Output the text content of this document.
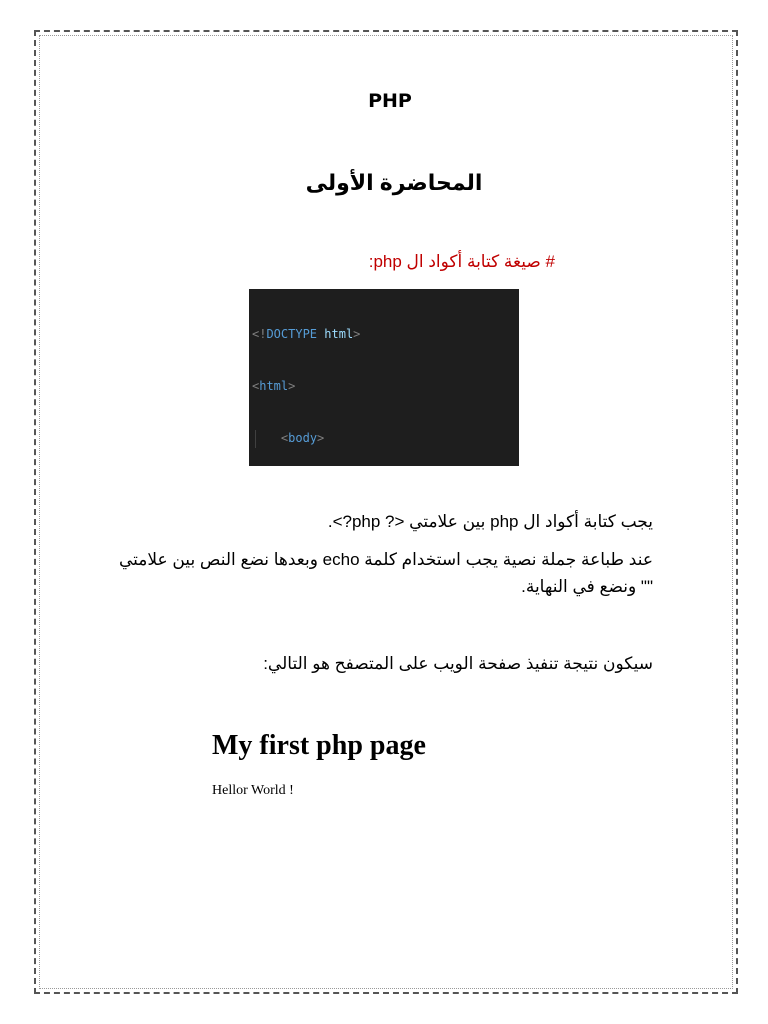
PHP
المحاضرة الأولى
# صيغة كتابة أكواد ال php:

<!DOCTYPE html>

<html>

<body>

يجب كتابة أكواد ال php بين علامتي <? php?>.
عند طباعة جملة نصية يجب استخدام كلمة echo وبعدها نضع النص بين علامتي "" ونضع في النهاية.
سيكون نتيجة تنفيذ صفحة الويب على المتصفح هو التالي:
My first php page
Hellor World !
